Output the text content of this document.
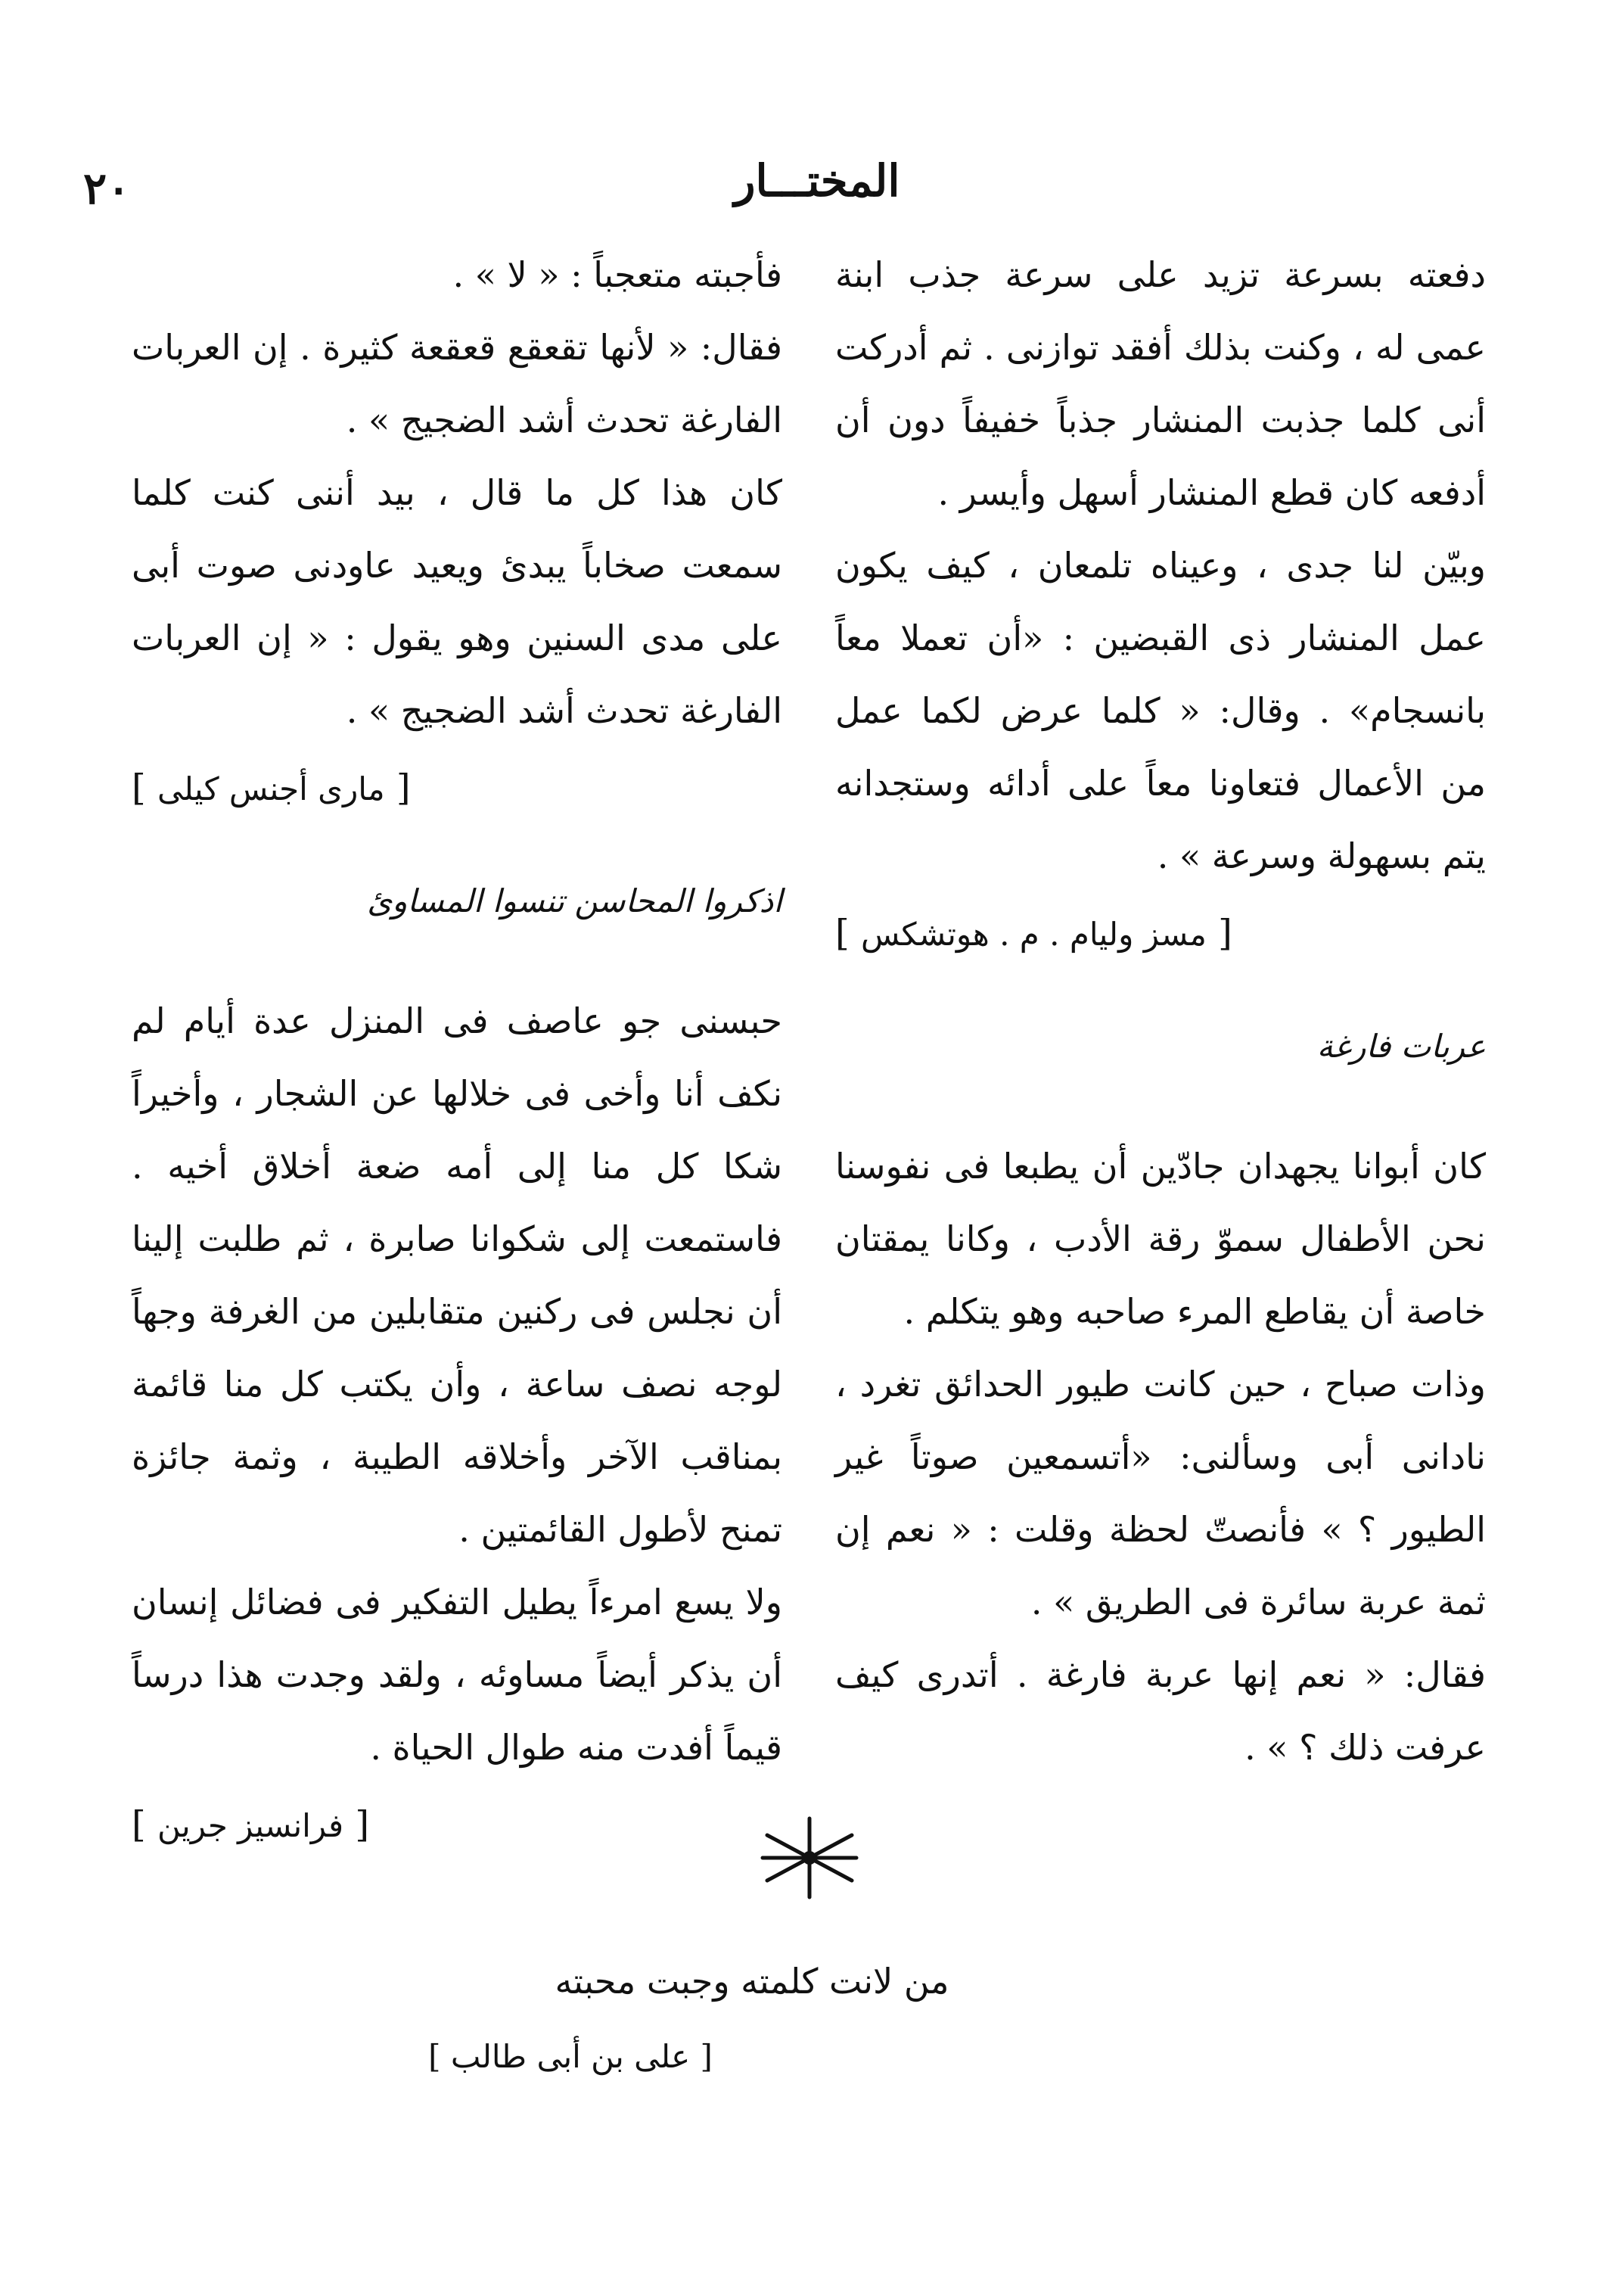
٢٠	المختـــار

دفعته بسرعة تزيد على سرعة جذب ابنة عمى له ، وكنت بذلك أفقد توازنى . ثم أدركت أنى كلما جذبت المنشار جذباً خفيفاً دون أن أدفعه كان قطع المنشار أسهل وأيسر .

وبيّن لنا جدى ، وعيناه تلمعان ، كيف يكون عمل المنشار ذى القبضين : «أن تعملا معاً بانسجام» . وقال: « كلما عرض لكما عمل من الأعمال فتعاونا معاً على أدائه وستجدانه يتم بسهولة وسرعة » .

[ مسز وليام . م . هوتشكس ]
عربات فارغة

كان أبوانا يجهدان جادّين أن يطبعا فى نفوسنا نحن الأطفال سموّ رقة الأدب ، وكانا يمقتان خاصة أن يقاطع المرء صاحبه وهو يتكلم .

وذات صباح ، حين كانت طيور الحدائق تغرد ، نادانى أبى وسألنى: «أتسمعين صوتاً غير الطيور ؟ » فأنصتّ لحظة وقلت : « نعم إن ثمة عربة سائرة فى الطريق » .

فقال: « نعم إنها عربة فارغة . أتدرى كيف عرفت ذلك ؟ » .

فأجبته متعجباً : « لا » .

فقال: « لأنها تقعقع قعقعة كثيرة . إن العربات الفارغة تحدث أشد الضجيج » .

كان هذا كل ما قال ، بيد أننى كنت كلما سمعت صخاباً يبدئ ويعيد عاودنى صوت أبى على مدى السنين وهو يقول : « إن العربات الفارغة تحدث أشد الضجيج » .

[ مارى أجنس كيلى ]
اذكروا المحاسن تنسوا المساوئ

حبسنى جو عاصف فى المنزل عدة أيام لم نكف أنا وأخى فى خلالها عن الشجار ، وأخيراً شكا كل منا إلى أمه ضعة أخلاق أخيه . فاستمعت إلى شكوانا صابرة ، ثم طلبت إلينا أن نجلس فى ركنين متقابلين من الغرفة وجهاً لوجه نصف ساعة ، وأن يكتب كل منا قائمة بمناقب الآخر وأخلاقه الطيبة ، وثمة جائزة تمنح لأطول القائمتين .

ولا يسع امرءاً يطيل التفكير فى فضائل إنسان أن يذكر أيضاً مساوئه ، ولقد وجدت هذا درساً قيماً أفدت منه طوال الحياة .

[ فرانسيز جرين ]
من لانت كلمته وجبت محبته
[ على بن أبى طالب ]
